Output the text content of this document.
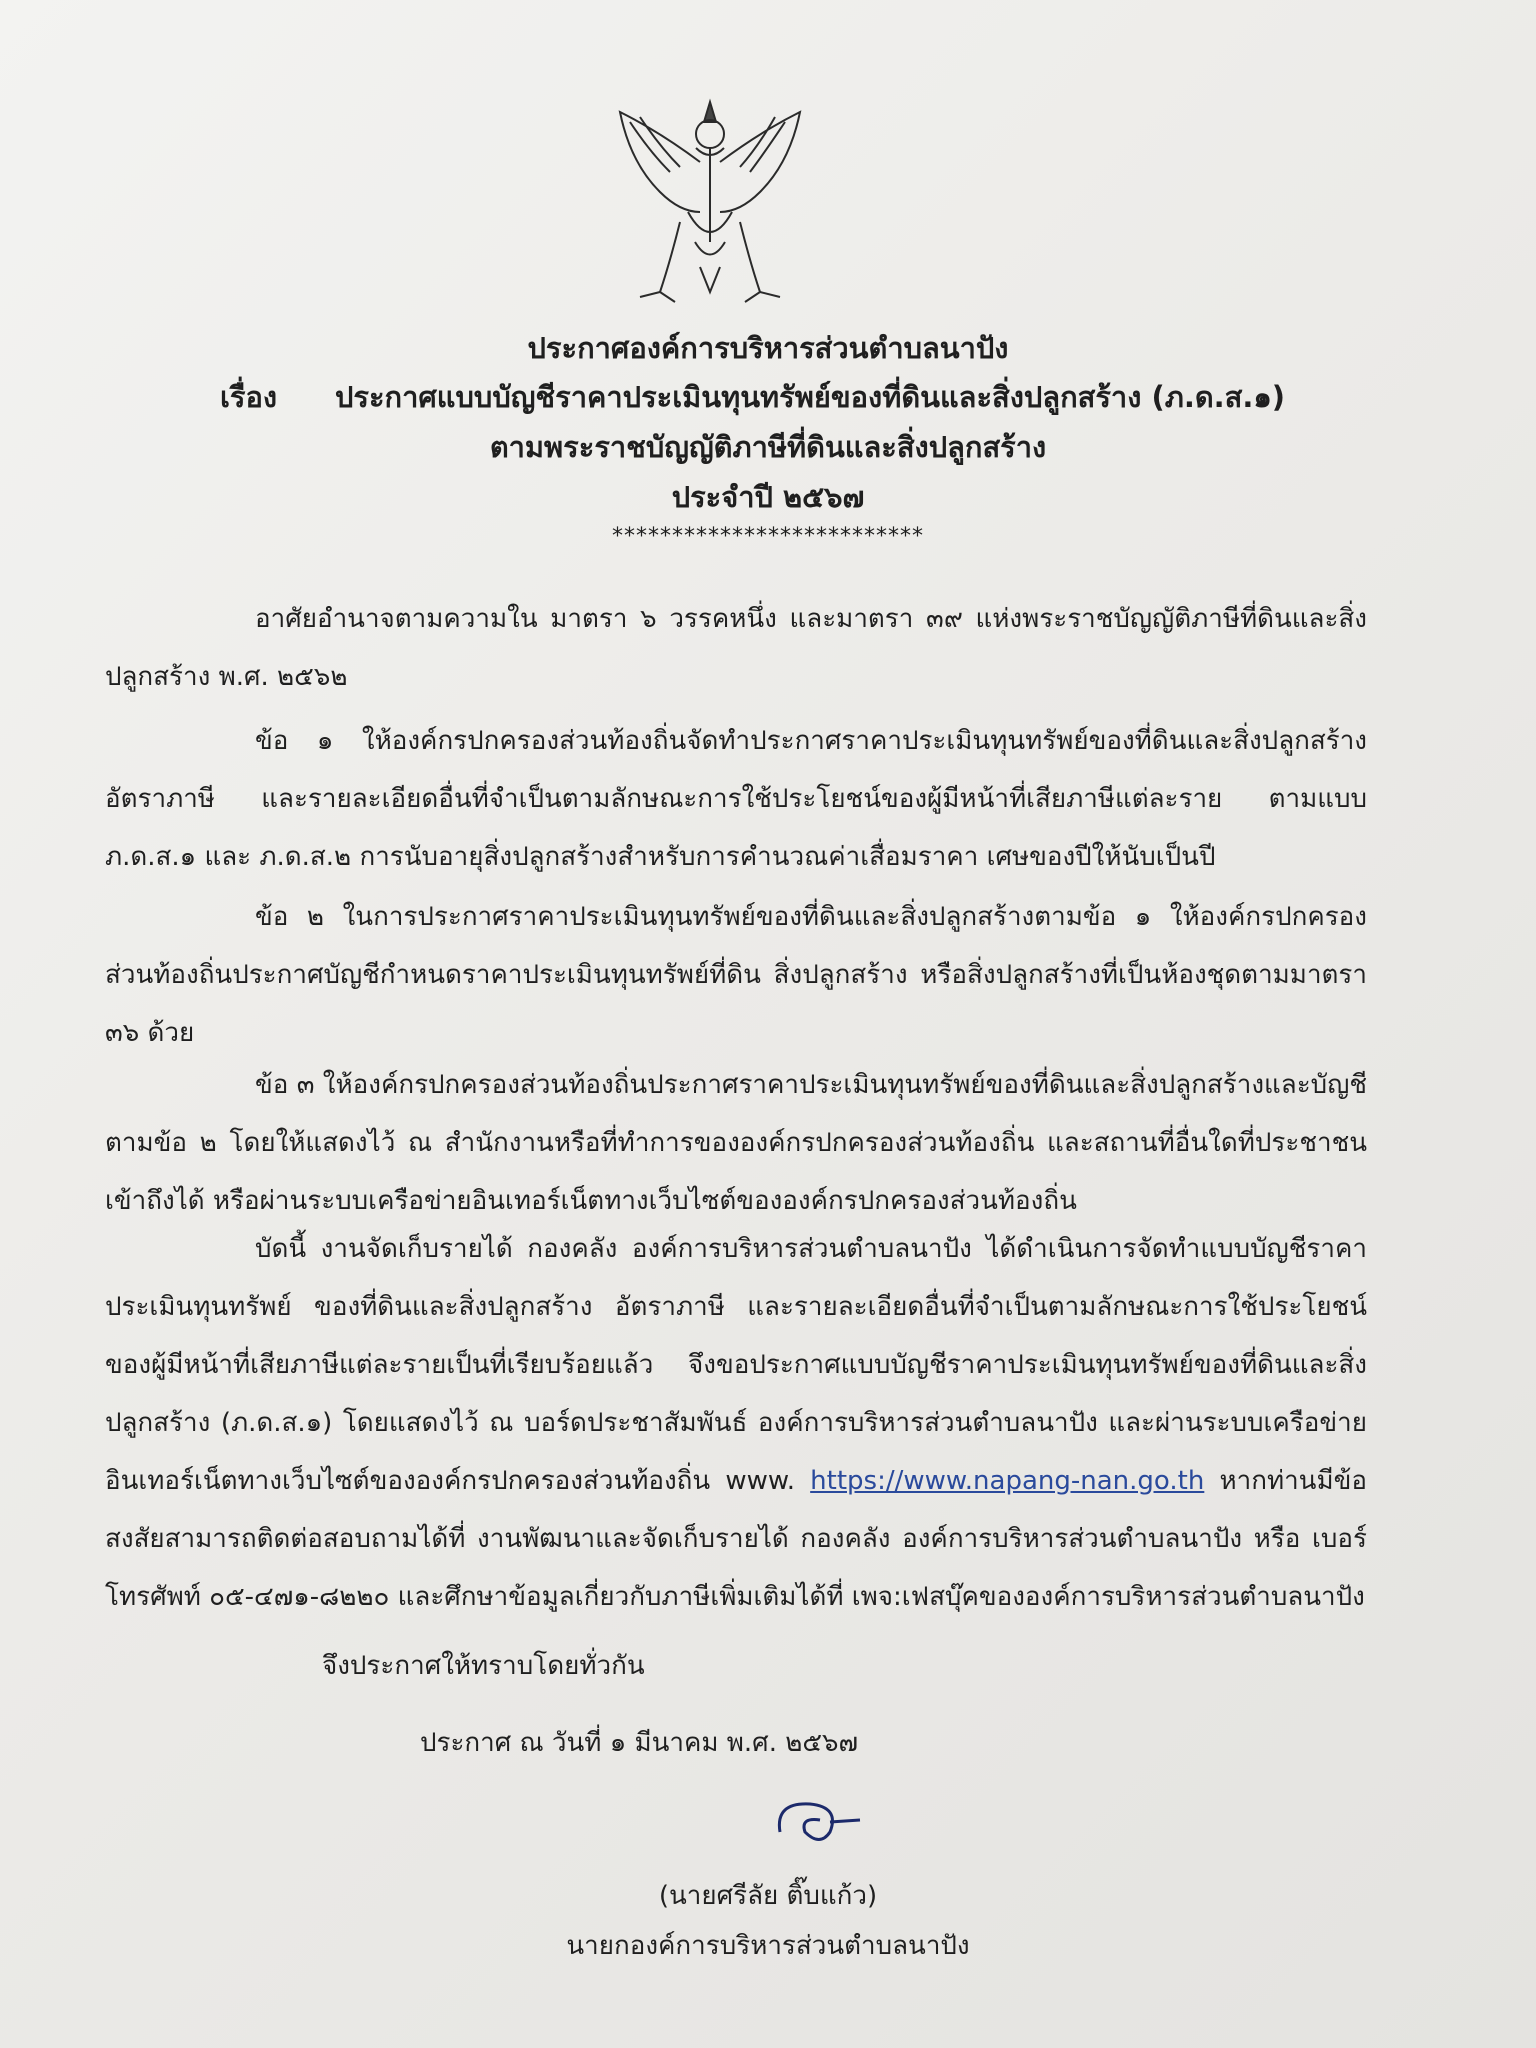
ประกาศองค์การบริหารส่วนตำบลนาปัง
เรื่อง ประกาศแบบบัญชีราคาประเมินทุนทรัพย์ของที่ดินและสิ่งปลูกสร้าง (ภ.ด.ส.๑)
ตามพระราชบัญญัติภาษีที่ดินและสิ่งปลูกสร้าง
ประจำปี ๒๕๖๗
**************************
อาศัยอำนาจตามความใน มาตรา ๖ วรรคหนึ่ง และมาตรา ๓๙ แห่งพระราชบัญญัติภาษีที่ดินและสิ่งปลูกสร้าง พ.ศ. ๒๕๖๒
ข้อ ๑ ให้องค์กรปกครองส่วนท้องถิ่นจัดทำประกาศราคาประเมินทุนทรัพย์ของที่ดินและสิ่งปลูกสร้าง อัตราภาษี และรายละเอียดอื่นที่จำเป็นตามลักษณะการใช้ประโยชน์ของผู้มีหน้าที่เสียภาษีแต่ละราย ตามแบบ ภ.ด.ส.๑ และ ภ.ด.ส.๒ การนับอายุสิ่งปลูกสร้างสำหรับการคำนวณค่าเสื่อมราคา เศษของปีให้นับเป็นปี
ข้อ ๒ ในการประกาศราคาประเมินทุนทรัพย์ของที่ดินและสิ่งปลูกสร้างตามข้อ ๑ ให้องค์กรปกครองส่วนท้องถิ่นประกาศบัญชีกำหนดราคาประเมินทุนทรัพย์ที่ดิน สิ่งปลูกสร้าง หรือสิ่งปลูกสร้างที่เป็นห้องชุดตามมาตรา ๓๖ ด้วย
ข้อ ๓ ให้องค์กรปกครองส่วนท้องถิ่นประกาศราคาประเมินทุนทรัพย์ของที่ดินและสิ่งปลูกสร้างและบัญชีตามข้อ ๒ โดยให้แสดงไว้ ณ สำนักงานหรือที่ทำการขององค์กรปกครองส่วนท้องถิ่น และสถานที่อื่นใดที่ประชาชนเข้าถึงได้ หรือผ่านระบบเครือข่ายอินเทอร์เน็ตทางเว็บไซต์ขององค์กรปกครองส่วนท้องถิ่น
บัดนี้ งานจัดเก็บรายได้ กองคลัง องค์การบริหารส่วนตำบลนาปัง ได้ดำเนินการจัดทำแบบบัญชีราคาประเมินทุนทรัพย์ ของที่ดินและสิ่งปลูกสร้าง อัตราภาษี และรายละเอียดอื่นที่จำเป็นตามลักษณะการใช้ประโยชน์ของผู้มีหน้าที่เสียภาษีแต่ละรายเป็นที่เรียบร้อยแล้ว จึงขอประกาศแบบบัญชีราคาประเมินทุนทรัพย์ของที่ดินและสิ่งปลูกสร้าง (ภ.ด.ส.๑) โดยแสดงไว้ ณ บอร์ดประชาสัมพันธ์ องค์การบริหารส่วนตำบลนาปัง และผ่านระบบเครือข่ายอินเทอร์เน็ตทางเว็บไซต์ขององค์กรปกครองส่วนท้องถิ่น www. https://www.napang-nan.go.th หากท่านมีข้อสงสัยสามารถติดต่อสอบถามได้ที่ งานพัฒนาและจัดเก็บรายได้ กองคลัง องค์การบริหารส่วนตำบลนาปัง หรือ เบอร์โทรศัพท์ ๐๕-๔๗๑-๘๒๒๐ และศึกษาข้อมูลเกี่ยวกับภาษีเพิ่มเติมได้ที่ เพจ:เฟสบุ๊คขององค์การบริหารส่วนตำบลนาปัง
จึงประกาศให้ทราบโดยทั่วกัน
ประกาศ ณ วันที่ ๑ มีนาคม พ.ศ. ๒๕๖๗
(นายศรีลัย ติ๊บแก้ว)
นายกองค์การบริหารส่วนตำบลนาปัง
